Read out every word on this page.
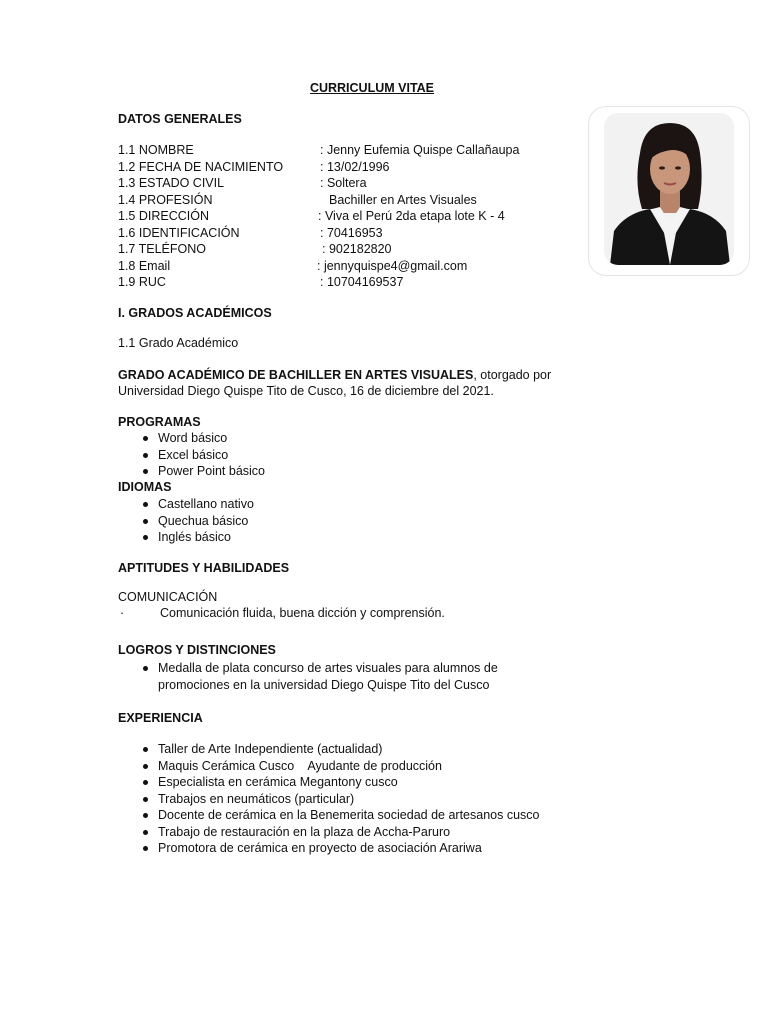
CURRICULUM VITAE
DATOS GENERALES
1.1 NOMBRE	: Jenny Eufemia Quispe Callañaupa
1.2 FECHA DE NACIMIENTO	: 13/02/1996
1.3 ESTADO CIVIL	: Soltera
1.4 PROFESIÓN	Bachiller en Artes Visuales
1.5 DIRECCIÓN	: Viva el Perú 2da etapa lote K - 4
1.6 IDENTIFICACIÓN	: 70416953
1.7 TELÉFONO	: 902182820
1.8 Email	: jennyquispe4@gmail.com
1.9 RUC	: 10704169537
I. GRADOS ACADÉMICOS
1.1 Grado Académico
GRADO ACADÉMICO DE BACHILLER EN ARTES VISUALES, otorgado por
Universidad Diego Quispe Tito de Cusco, 16 de diciembre del 2021.
PROGRAMAS
Word básico
Excel básico
Power Point básico
IDIOMAS
Castellano nativo
Quechua básico
Inglés básico
APTITUDES Y HABILIDADES
COMUNICACIÓN
·	Comunicación fluida, buena dicción y comprensión.
LOGROS Y DISTINCIONES
Medalla de plata concurso de artes visuales para alumnos de
promociones en la universidad Diego Quispe Tito del Cusco
EXPERIENCIA
Taller de Arte Independiente (actualidad)
Maquis Cerámica Cusco    Ayudante de producción
Especialista en cerámica Megantony cusco
Trabajos en neumáticos (particular)
Docente de cerámica en la Benemerita sociedad de artesanos cusco
Trabajo de restauración en la plaza de Accha-Paruro
Promotora de cerámica en proyecto de asociación Arariwa
